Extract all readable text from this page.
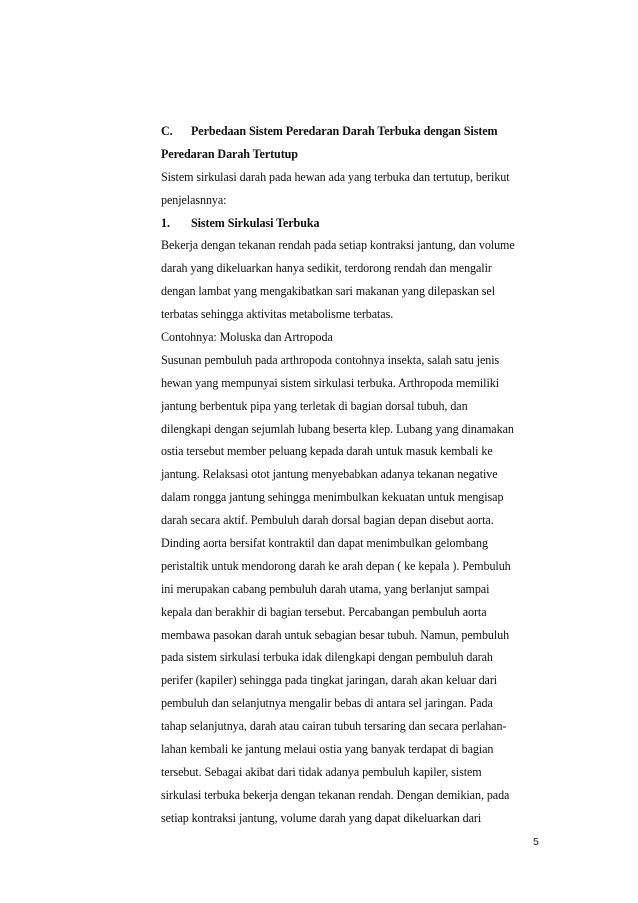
C. Perbedaan Sistem Peredaran Darah Terbuka dengan Sistem
Peredaran Darah Tertutup
Sistem sirkulasi darah pada hewan ada yang terbuka dan tertutup, berikut
penjelasnnya:
1. Sistem Sirkulasi Terbuka
Bekerja dengan tekanan rendah pada setiap kontraksi jantung, dan volume
darah yang dikeluarkan hanya sedikit, terdorong rendah dan mengalir
dengan lambat yang mengakibatkan sari makanan yang dilepaskan sel
terbatas sehingga aktivitas metabolisme terbatas.
Contohnya: Moluska dan Artropoda
Susunan pembuluh pada arthropoda contohnya insekta, salah satu jenis
hewan yang mempunyai sistem sirkulasi terbuka. Arthropoda memiliki
jantung berbentuk pipa yang terletak di bagian dorsal tubuh, dan
dilengkapi dengan sejumlah lubang beserta klep. Lubang yang dinamakan
ostia tersebut member peluang kepada darah untuk masuk kembali ke
jantung. Relaksasi otot jantung menyebabkan adanya tekanan negative
dalam rongga jantung sehingga menimbulkan kekuatan untuk mengisap
darah secara aktif. Pembuluh darah dorsal bagian depan disebut aorta.
Dinding aorta bersifat kontraktil dan dapat menimbulkan gelombang
peristaltik untuk mendorong darah ke arah depan ( ke kepala ). Pembuluh
ini merupakan cabang pembuluh darah utama, yang berlanjut sampai
kepala dan berakhir di bagian tersebut. Percabangan pembuluh aorta
membawa pasokan darah untuk sebagian besar tubuh. Namun, pembuluh
pada sistem sirkulasi terbuka idak dilengkapi dengan pembuluh darah
perifer (kapiler) sehingga pada tingkat jaringan, darah akan keluar dari
pembuluh dan selanjutnya mengalir bebas di antara sel jaringan. Pada
tahap selanjutnya, darah atau cairan tubuh tersaring dan secara perlahan-
lahan kembali ke jantung melaui ostia yang banyak terdapat di bagian
tersebut. Sebagai akibat dari tidak adanya pembuluh kapiler, sistem
sirkulasi terbuka bekerja dengan tekanan rendah. Dengan demikian, pada
setiap kontraksi jantung, volume darah yang dapat dikeluarkan dari
5
